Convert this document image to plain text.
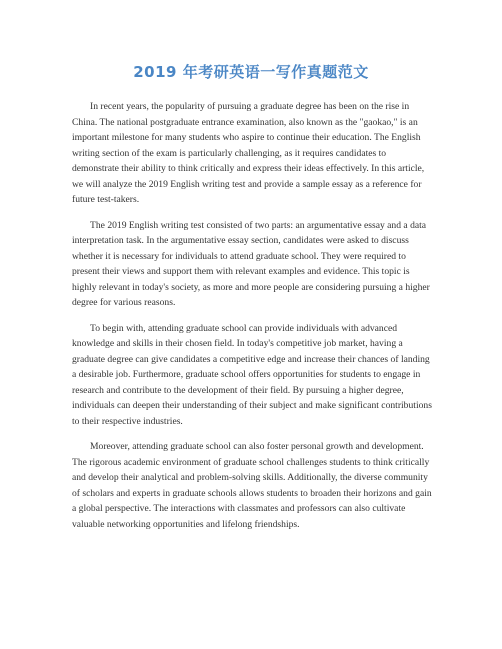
2019 年考研英语一写作真题范文

In recent years, the popularity of pursuing a graduate degree has been on the rise in China. The national postgraduate entrance examination, also known as the "gaokao," is an important milestone for many students who aspire to continue their education. The English writing section of the exam is particularly challenging, as it requires candidates to demonstrate their ability to think critically and express their ideas effectively. In this article, we will analyze the 2019 English writing test and provide a sample essay as a reference for future test-takers.

The 2019 English writing test consisted of two parts: an argumentative essay and a data interpretation task. In the argumentative essay section, candidates were asked to discuss whether it is necessary for individuals to attend graduate school. They were required to present their views and support them with relevant examples and evidence. This topic is highly relevant in today's society, as more and more people are considering pursuing a higher degree for various reasons.

To begin with, attending graduate school can provide individuals with advanced knowledge and skills in their chosen field. In today's competitive job market, having a graduate degree can give candidates a competitive edge and increase their chances of landing a desirable job. Furthermore, graduate school offers opportunities for students to engage in research and contribute to the development of their field. By pursuing a higher degree, individuals can deepen their understanding of their subject and make significant contributions to their respective industries.

Moreover, attending graduate school can also foster personal growth and development. The rigorous academic environment of graduate school challenges students to think critically and develop their analytical and problem-solving skills. Additionally, the diverse community of scholars and experts in graduate schools allows students to broaden their horizons and gain a global perspective. The interactions with classmates and professors can also cultivate valuable networking opportunities and lifelong friendships.
